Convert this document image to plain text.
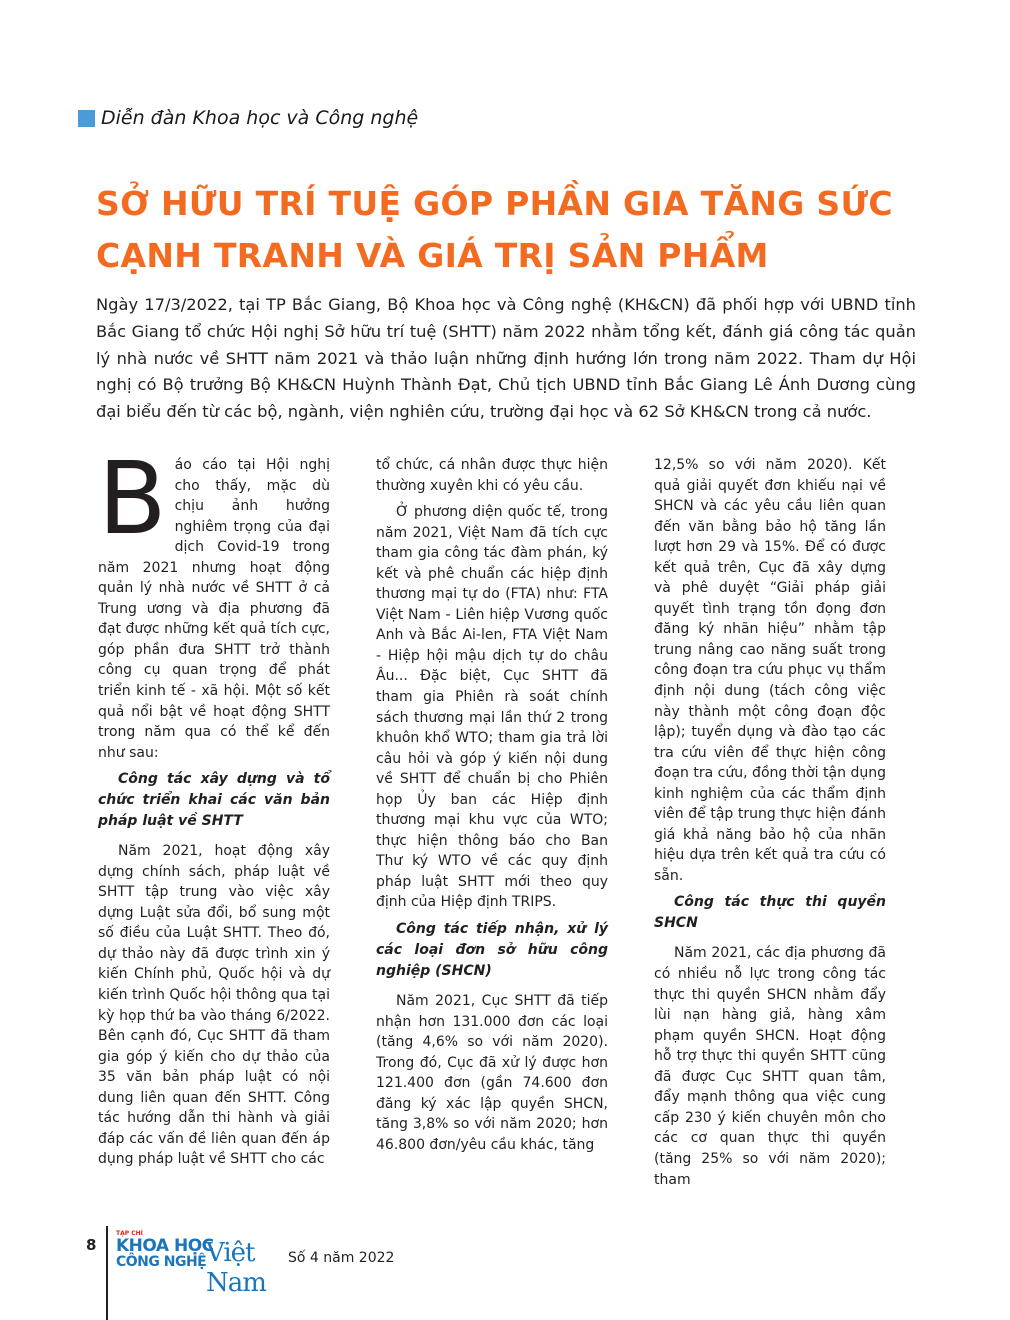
Diễn đàn Khoa học và Công nghệ
SỞ HỮU TRÍ TUỆ GÓP PHẦN GIA TĂNG SỨC CẠNH TRANH VÀ GIÁ TRỊ SẢN PHẨM
Ngày 17/3/2022, tại TP Bắc Giang, Bộ Khoa học và Công nghệ (KH&CN) đã phối hợp với UBND tỉnh Bắc Giang tổ chức Hội nghị Sở hữu trí tuệ (SHTT) năm 2022 nhằm tổng kết, đánh giá công tác quản lý nhà nước về SHTT năm 2021 và thảo luận những định hướng lớn trong năm 2022. Tham dự Hội nghị có Bộ trưởng Bộ KH&CN Huỳnh Thành Đạt, Chủ tịch UBND tỉnh Bắc Giang Lê Ánh Dương cùng đại biểu đến từ các bộ, ngành, viện nghiên cứu, trường đại học và 62 Sở KH&CN trong cả nước.

Báo cáo tại Hội nghị cho thấy, mặc dù chịu ảnh hưởng nghiêm trọng của đại dịch Covid-19 trong năm 2021 nhưng hoạt động quản lý nhà nước về SHTT ở cả Trung ương và địa phương đã đạt được những kết quả tích cực, góp phần đưa SHTT trở thành công cụ quan trọng để phát triển kinh tế - xã hội. Một số kết quả nổi bật về hoạt động SHTT trong năm qua có thể kể đến như sau:

Công tác xây dựng và tổ chức triển khai các văn bản pháp luật về SHTT

Năm 2021, hoạt động xây dựng chính sách, pháp luật về SHTT tập trung vào việc xây dựng Luật sửa đổi, bổ sung một số điều của Luật SHTT. Theo đó, dự thảo này đã được trình xin ý kiến Chính phủ, Quốc hội và dự kiến trình Quốc hội thông qua tại kỳ họp thứ ba vào tháng 6/2022. Bên cạnh đó, Cục SHTT đã tham gia góp ý kiến cho dự thảo của 35 văn bản pháp luật có nội dung liên quan đến SHTT. Công tác hướng dẫn thi hành và giải đáp các vấn đề liên quan đến áp dụng pháp luật về SHTT cho các

tổ chức, cá nhân được thực hiện thường xuyên khi có yêu cầu.

Ở phương diện quốc tế, trong năm 2021, Việt Nam đã tích cực tham gia công tác đàm phán, ký kết và phê chuẩn các hiệp định thương mại tự do (FTA) như: FTA Việt Nam - Liên hiệp Vương quốc Anh và Bắc Ai-len, FTA Việt Nam - Hiệp hội mậu dịch tự do châu Âu... Đặc biệt, Cục SHTT đã tham gia Phiên rà soát chính sách thương mại lần thứ 2 trong khuôn khổ WTO; tham gia trả lời câu hỏi và góp ý kiến nội dung về SHTT để chuẩn bị cho Phiên họp Ủy ban các Hiệp định thương mại khu vực của WTO; thực hiện thông báo cho Ban Thư ký WTO về các quy định pháp luật SHTT mới theo quy định của Hiệp định TRIPS.

Công tác tiếp nhận, xử lý các loại đơn sở hữu công nghiệp (SHCN)

Năm 2021, Cục SHTT đã tiếp nhận hơn 131.000 đơn các loại (tăng 4,6% so với năm 2020). Trong đó, Cục đã xử lý được hơn 121.400 đơn (gần 74.600 đơn đăng ký xác lập quyền SHCN, tăng 3,8% so với năm 2020; hơn 46.800 đơn/yêu cầu khác, tăng

12,5% so với năm 2020). Kết quả giải quyết đơn khiếu nại về SHCN và các yêu cầu liên quan đến văn bằng bảo hộ tăng lần lượt hơn 29 và 15%. Để có được kết quả trên, Cục đã xây dựng và phê duyệt “Giải pháp giải quyết tình trạng tồn đọng đơn đăng ký nhãn hiệu” nhằm tập trung nâng cao năng suất trong công đoạn tra cứu phục vụ thẩm định nội dung (tách công việc này thành một công đoạn độc lập); tuyển dụng và đào tạo các tra cứu viên để thực hiện công đoạn tra cứu, đồng thời tận dụng kinh nghiệm của các thẩm định viên để tập trung thực hiện đánh giá khả năng bảo hộ của nhãn hiệu dựa trên kết quả tra cứu có sẵn.

Công tác thực thi quyền SHCN

Năm 2021, các địa phương đã có nhiều nỗ lực trong công tác thực thi quyền SHCN nhằm đẩy lùi nạn hàng giả, hàng xâm phạm quyền SHCN. Hoạt động hỗ trợ thực thi quyền SHTT cũng đã được Cục SHTT quan tâm, đẩy mạnh thông qua việc cung cấp 230 ý kiến chuyên môn cho các cơ quan thực thi quyền (tăng 25% so với năm 2020); tham

8
TẠP CHÍ
KHOA HỌC
CÔNG NGHỆ Việt Nam
Số 4 năm 2022
